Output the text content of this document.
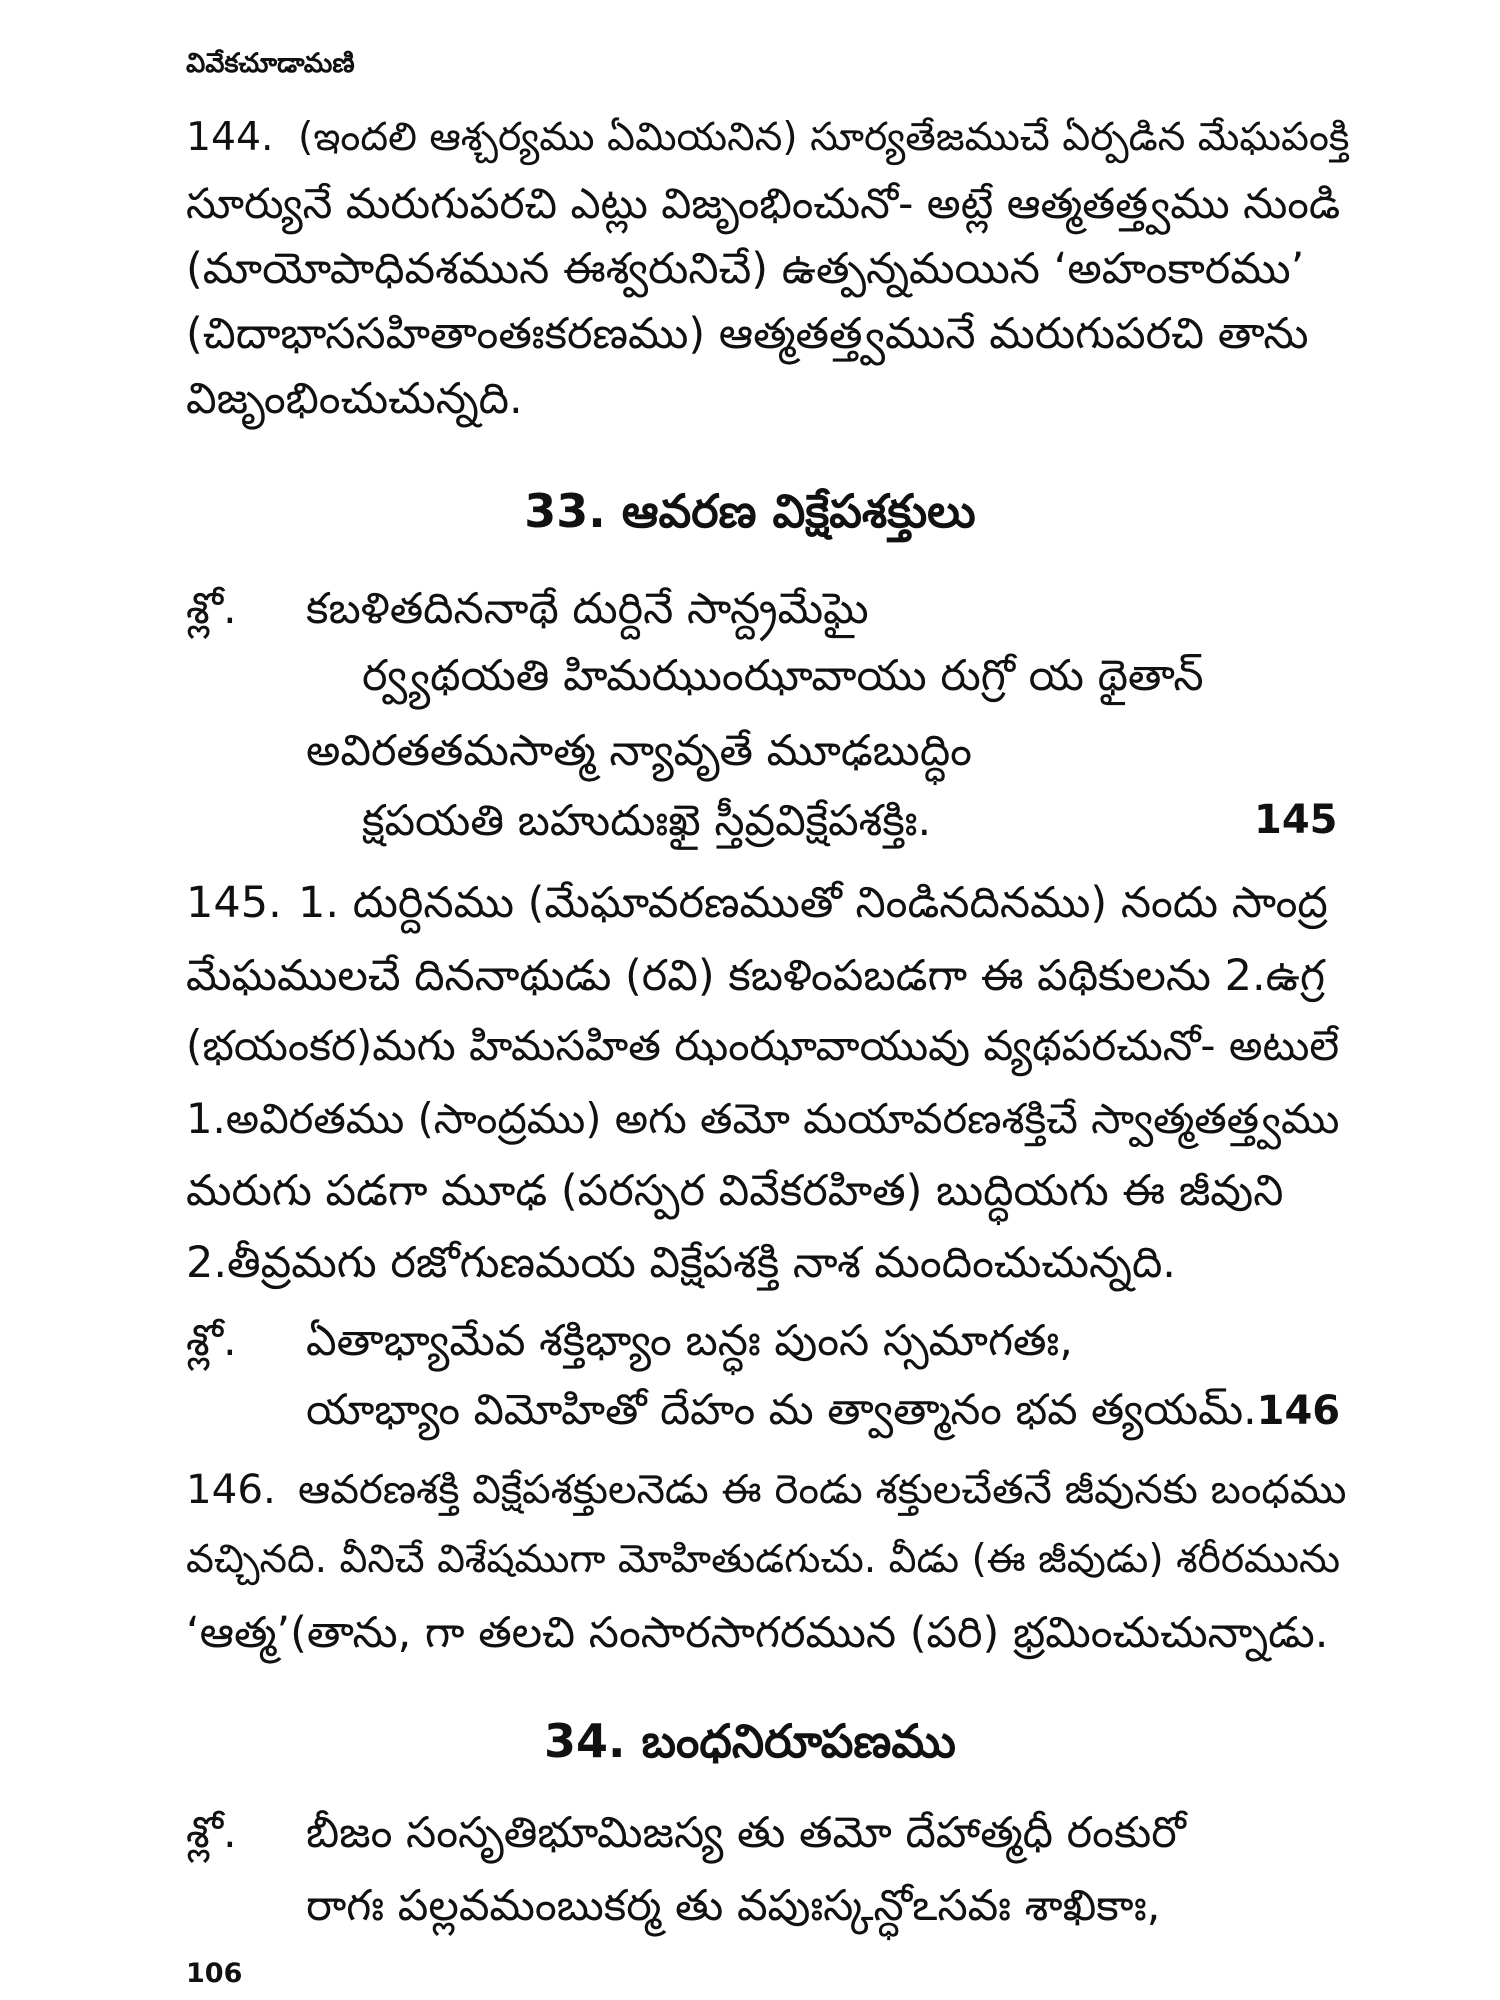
వివేకచూడామణి
144. (ఇందలి ఆశ్చర్యము ఏమియనిన) సూర్యతేజముచే ఏర్పడిన మేఘపంక్తి
సూర్యునే మరుగుపరచి ఎట్లు విజృంభించునో- అట్లే ఆత్మతత్త్వము నుండి
(మాయోపాధివశమున ఈశ్వరునిచే) ఉత్పన్నమయిన ‘అహంకారము’
(చిదాభాససహితాంతఃకరణము) ఆత్మతత్త్వమునే మరుగుపరచి తాను
విజృంభించుచున్నది.
33. ఆవరణ విక్షేపశక్తులు
శ్లో. కబళితదిననాథే దుర్దినే సాన్ద్రమేఘై
ర్వ్యథయతి హిమఝుంఝావాయు రుగ్రో య థైతాన్
అవిరతతమసాత్మ న్యావృతే మూఢబుద్ధిం
క్షపయతి బహుదుఃఖై స్తీవ్రవిక్షేపశక్తిః.	145
145. 1. దుర్దినము (మేఘావరణముతో నిండినదినము) నందు సాంద్ర
మేఘములచే దిననాథుడు (రవి) కబళింపబడగా ఈ పథికులను 2.ఉగ్ర
(భయంకర)మగు హిమసహిత ఝంఝావాయువు వ్యథపరచునో- అటులే
1.అవిరతము (సాంద్రము) అగు తమో మయావరణశక్తిచే స్వాత్మతత్త్వము
మరుగు పడగా మూఢ (పరస్పర వివేకరహిత) బుద్ధియగు ఈ జీవుని
2.తీవ్రమగు రజోగుణమయ విక్షేపశక్తి నాశ మందించుచున్నది.
శ్లో. ఏతాభ్యామేవ శక్తిభ్యాం బన్ధః పుంస స్సమాగతః,
యాభ్యాం విమోహితో దేహం మ త్వాత్మానం భవ త్యయమ్.146
146. ఆవరణశక్తి విక్షేపశక్తులనెడు ఈ రెండు శక్తులచేతనే జీవునకు బంధము
వచ్చినది. వీనిచే విశేషముగా మోహితుడగుచు. వీడు (ఈ జీవుడు) శరీరమును
‘ఆత్మ’(తాను, గా తలచి సంసారసాగరమున (పరి) భ్రమించుచున్నాడు.
34. బంధనిరూపణము
శ్లో. బీజం సంసృతిభూమిజస్య తు తమో దేహాత్మధీ రంకురో
రాగః పల్లవమంబుకర్మ తు వపుఃస్కన్ధోఽసవః శాఖికాః,
106
